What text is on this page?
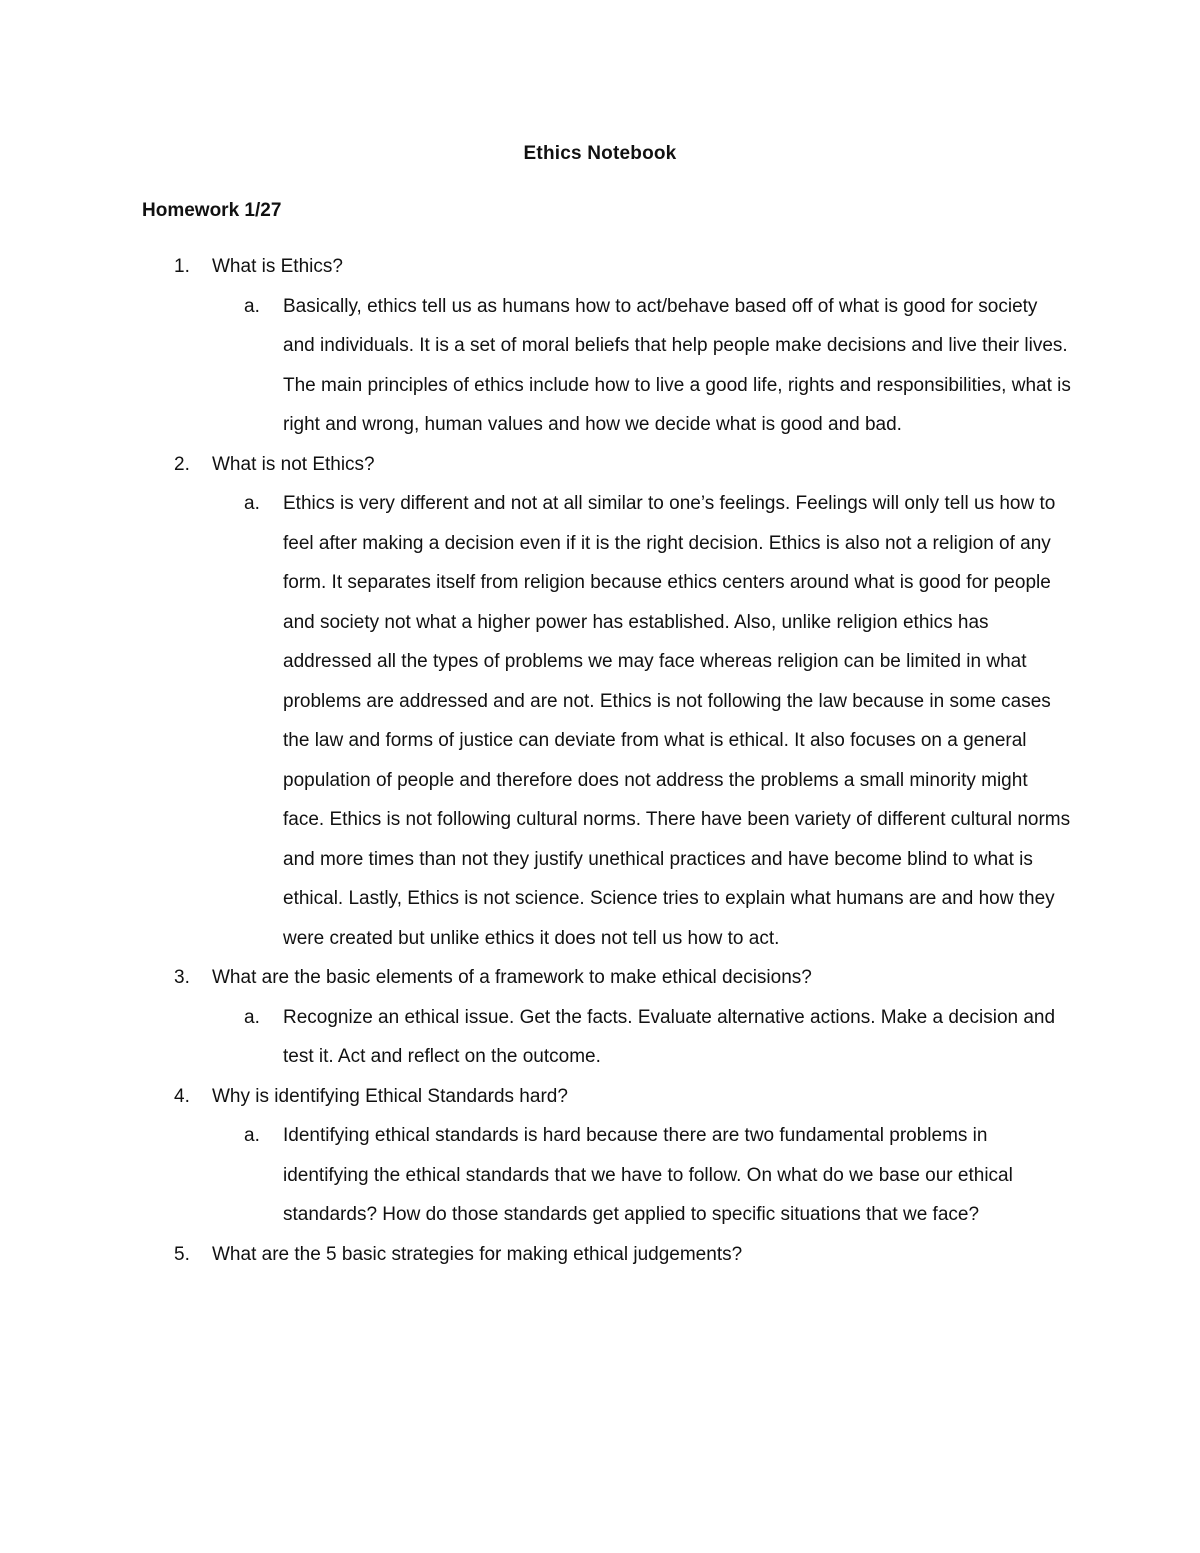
Ethics Notebook
Homework 1/27
1.	What is Ethics?
a. Basically, ethics tell us as humans how to act/behave based off of what is good for society and individuals. It is a set of moral beliefs that help people make decisions and live their lives. The main principles of ethics include how to live a good life, rights and responsibilities, what is right and wrong, human values and how we decide what is good and bad.
2.	What is not Ethics?
a. Ethics is very different and not at all similar to one’s feelings. Feelings will only tell us how to feel after making a decision even if it is the right decision. Ethics is also not a religion of any form. It separates itself from religion because ethics centers around what is good for people and society not what a higher power has established. Also, unlike religion ethics has addressed all the types of problems we may face whereas religion can be limited in what problems are addressed and are not. Ethics is not following the law because in some cases the law and forms of justice can deviate from what is ethical. It also focuses on a general population of people and therefore does not address the problems a small minority might face. Ethics is not following cultural norms. There have been variety of different cultural norms and more times than not they justify unethical practices and have become blind to what is ethical. Lastly, Ethics is not science. Science tries to explain what humans are and how they were created but unlike ethics it does not tell us how to act.
3.	What are the basic elements of a framework to make ethical decisions?
a. Recognize an ethical issue. Get the facts. Evaluate alternative actions. Make a decision and test it. Act and reflect on the outcome.
4.	Why is identifying Ethical Standards hard?
a. Identifying ethical standards is hard because there are two fundamental problems in identifying the ethical standards that we have to follow. On what do we base our ethical standards? How do those standards get applied to specific situations that we face?
5.	What are the 5 basic strategies for making ethical judgements?
